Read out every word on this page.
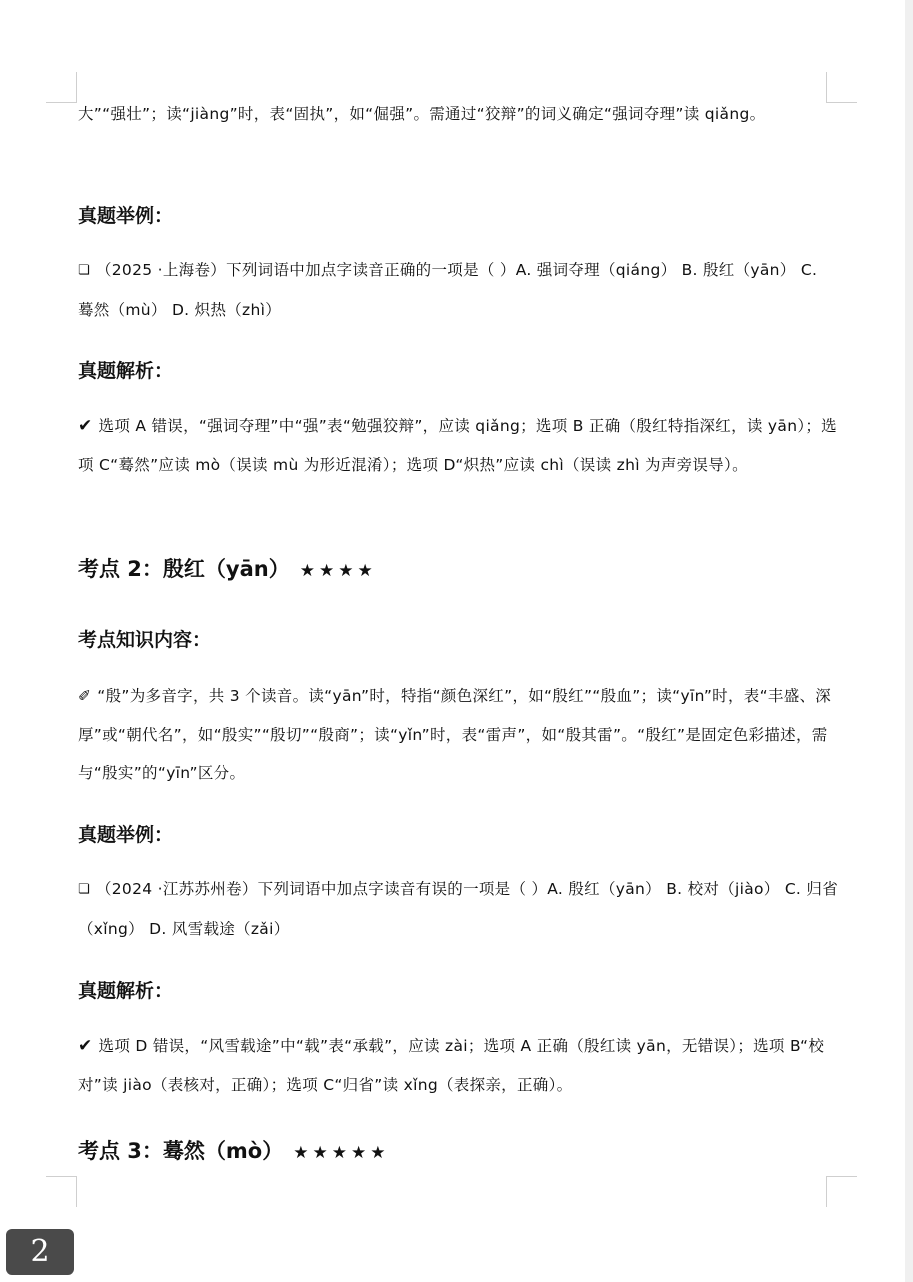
大”“强壮”；读“jiàng”时，表“固执”，如“倔强”。需通过“狡辩”的词义确定“强词夺理”读 qiǎng。
真题举例：
❏ （2025 ·上海卷）下列词语中加点字读音正确的一项是（ ）A. 强词夺理（qiáng） B. 殷红（yān） C. 蓦然（mù） D. 炽热（zhì）
真题解析：
✔ 选项 A 错误，“强词夺理”中“强”表“勉强狡辩”，应读 qiǎng；选项 B 正确（殷红特指深红，读 yān）；选项 C“蓦然”应读 mò（误读 mù 为形近混淆）；选项 D“炽热”应读 chì（误读 zhì 为声旁误导）。
考点 2：殷红（yān） ★★★★
考点知识内容：
✐ “殷”为多音字，共 3 个读音。读“yān”时，特指“颜色深红”，如“殷红”“殷血”；读“yīn”时，表“丰盛、深厚”或“朝代名”，如“殷实”“殷切”“殷商”；读“yǐn”时，表“雷声”，如“殷其雷”。“殷红”是固定色彩描述，需与“殷实”的“yīn”区分。
真题举例：
❏ （2024 ·江苏苏州卷）下列词语中加点字读音有误的一项是（ ）A. 殷红（yān） B. 校对（jiào） C. 归省（xǐng） D. 风雪载途（zǎi）
真题解析：
✔ 选项 D 错误，“风雪载途”中“载”表“承载”，应读 zài；选项 A 正确（殷红读 yān，无错误）；选项 B“校对”读 jiào（表核对，正确）；选项 C“归省”读 xǐng（表探亲，正确）。
考点 3：蓦然（mò） ★★★★★
2
